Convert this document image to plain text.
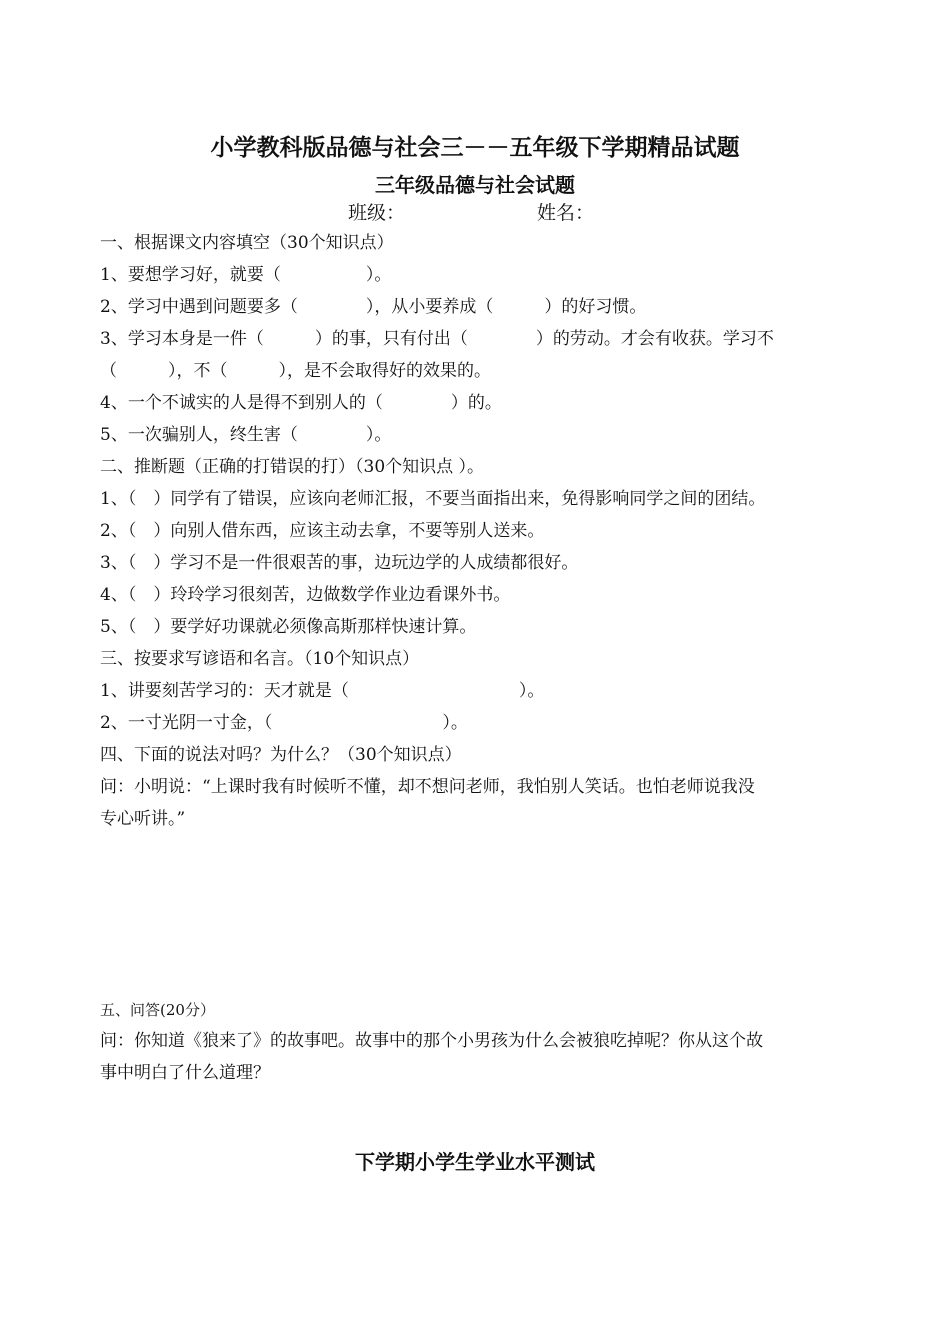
小学教科版品德与社会三－－五年级下学期精品试题
三年级品德与社会试题
班级：	姓名：
一、根据课文内容填空（30个知识点）
1、要想学习好，就要（　　　　　）。
2、学习中遇到问题要多（　　　　），从小要养成（　　　）的好习惯。
3、学习本身是一件（　　　）的事，只有付出（　　　　）的劳动。才会有收获。学习不
（　　　），不（　　　），是不会取得好的效果的。
4、一个不诚实的人是得不到别人的（　　　　）的。
5、一次骗别人，终生害（　　　　）。
二、推断题（正确的打错误的打）（30个知识点 ）。
1、（　）同学有了错误，应该向老师汇报，不要当面指出来，免得影响同学之间的团结。
2、（　）向别人借东西，应该主动去拿，不要等别人送来。
3、（　）学习不是一件很艰苦的事，边玩边学的人成绩都很好。
4、（　）玲玲学习很刻苦，边做数学作业边看课外书。
5、（　）要学好功课就必须像高斯那样快速计算。
三、按要求写谚语和名言。（10个知识点）
1、讲要刻苦学习的：天才就是（　　　　　　　　　　）。
2、一寸光阴一寸金，（　　　　　　　　　　）。
四、下面的说法对吗？为什么？（30个知识点）
问：小明说：“上课时我有时候听不懂，却不想问老师，我怕别人笑话。也怕老师说我没
专心听讲。”
五、问答(20分）
问：你知道《狼来了》的故事吧。故事中的那个小男孩为什么会被狼吃掉呢？你从这个故
事中明白了什么道理？
下学期小学生学业水平测试
